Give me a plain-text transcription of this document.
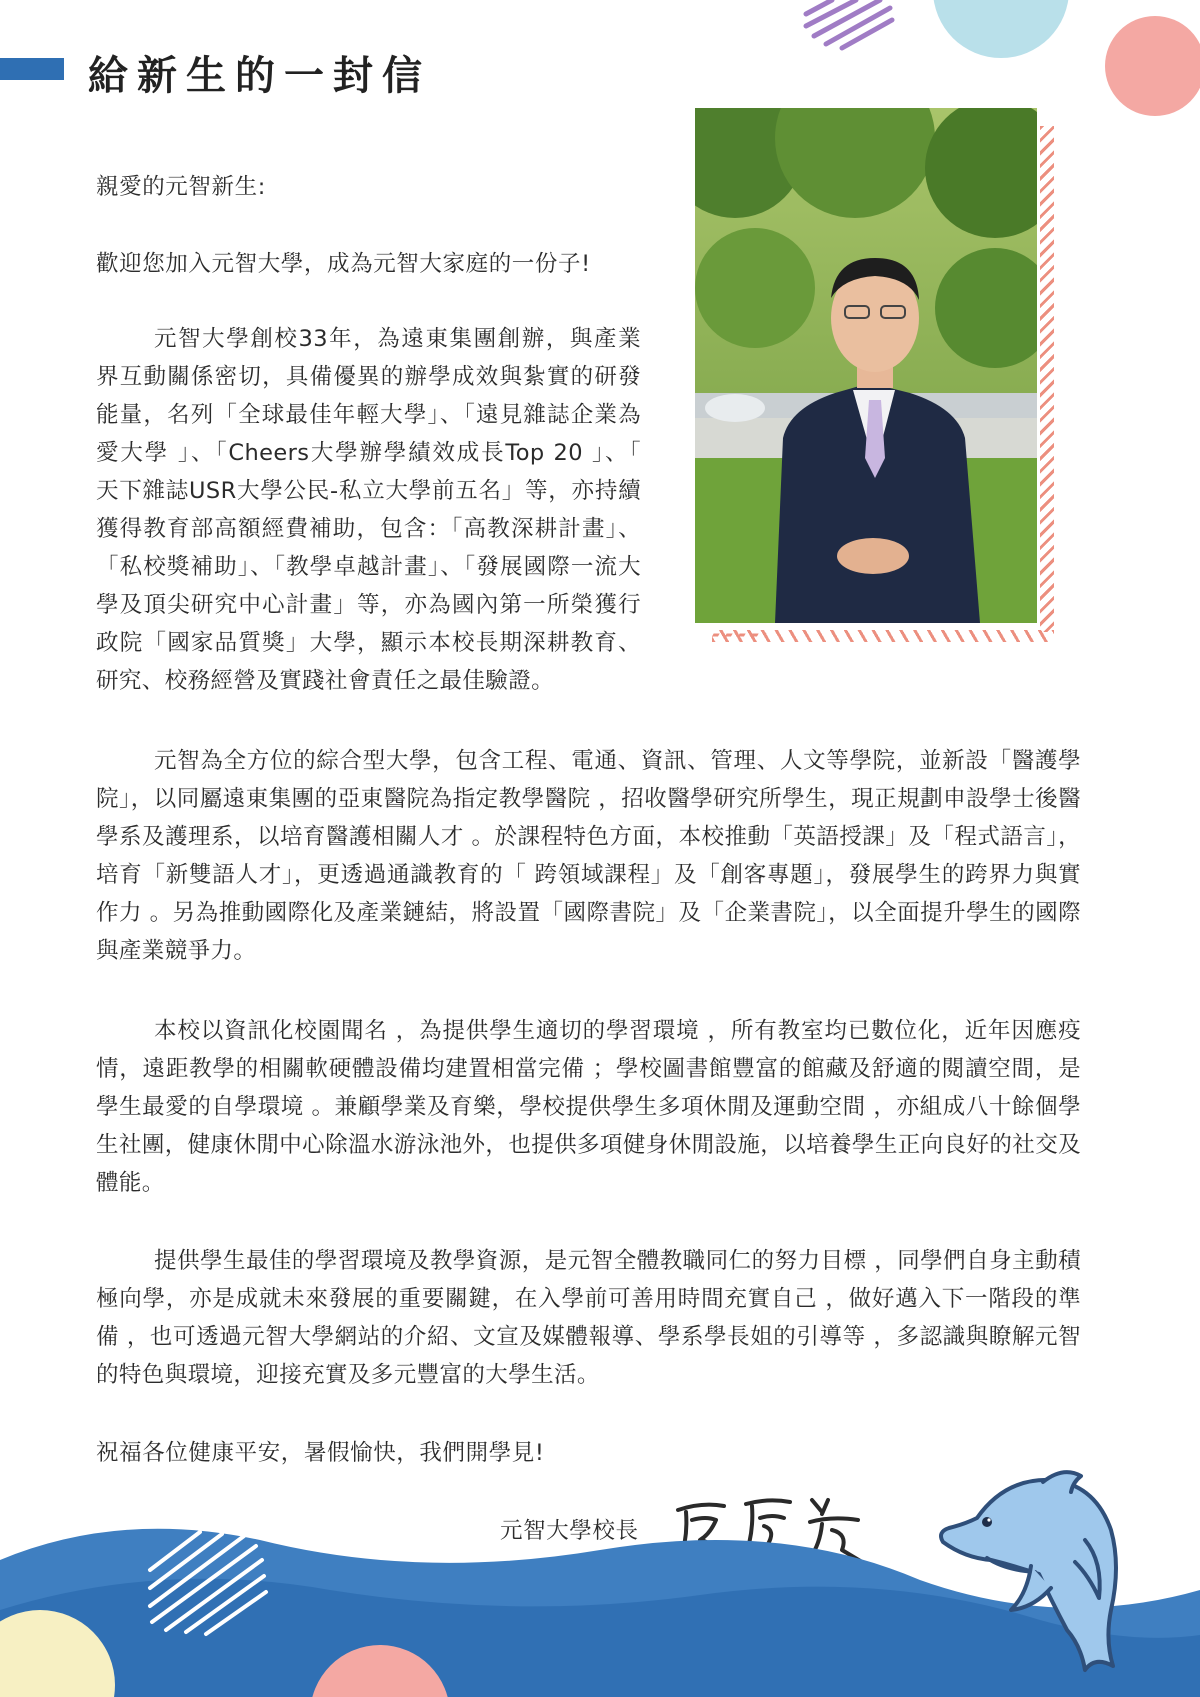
給新生的一封信

親愛的元智新生:

歡迎您加入元智大學，成為元智大家庭的一份子!

元智大學創校33年，為遠東集團創辦，與產業界互動關係密切，具備優異的辦學成效與紮實的研發能量，名列「全球最佳年輕大學」、「遠見雜誌企業為愛大學 」、「Cheers大學辦學績效成長Top 20 」、「 天下雜誌USR大學公民-私立大學前五名」等，亦持續獲得教育部高額經費補助，包含：「高教深耕計畫」、「私校獎補助」、「教學卓越計畫」、「發展國際一流大學及頂尖研究中心計畫」等，亦為國內第一所榮獲行政院「國家品質獎」大學，顯示本校長期深耕教育、研究、校務經營及實踐社會責任之最佳驗證。

元智為全方位的綜合型大學，包含工程、電通、資訊、管理、人文等學院，並新設「醫護學院」，以同屬遠東集團的亞東醫院為指定教學醫院 ，招收醫學研究所學生，現正規劃申設學士後醫學系及護理系，以培育醫護相關人才 。於課程特色方面，本校推動「英語授課」及「程式語言」，培育「新雙語人才」，更透過通識教育的「 跨領域課程」及「創客專題」，發展學生的跨界力與實作力 。另為推動國際化及產業鏈結，將設置「國際書院」及「企業書院」，以全面提升學生的國際與產業競爭力。

本校以資訊化校園聞名 ，為提供學生適切的學習環境 ，所有教室均已數位化，近年因應疫情，遠距教學的相關軟硬體設備均建置相當完備 ；學校圖書館豐富的館藏及舒適的閱讀空間，是學生最愛的自學環境 。兼顧學業及育樂，學校提供學生多項休閒及運動空間 ，亦組成八十餘個學生社團，健康休閒中心除溫水游泳池外，也提供多項健身休閒設施，以培養學生正向良好的社交及體能。

提供學生最佳的學習環境及教學資源，是元智全體教職同仁的努力目標 ，同學們自身主動積極向學，亦是成就未來發展的重要關鍵，在入學前可善用時間充實自己 ，做好邁入下一階段的準備 ，也可透過元智大學網站的介紹、文宣及媒體報導、學系學長姐的引導等 ，多認識與瞭解元智的特色與環境，迎接充實及多元豐富的大學生活。

祝福各位健康平安，暑假愉快，我們開學見!

元智大學校長
